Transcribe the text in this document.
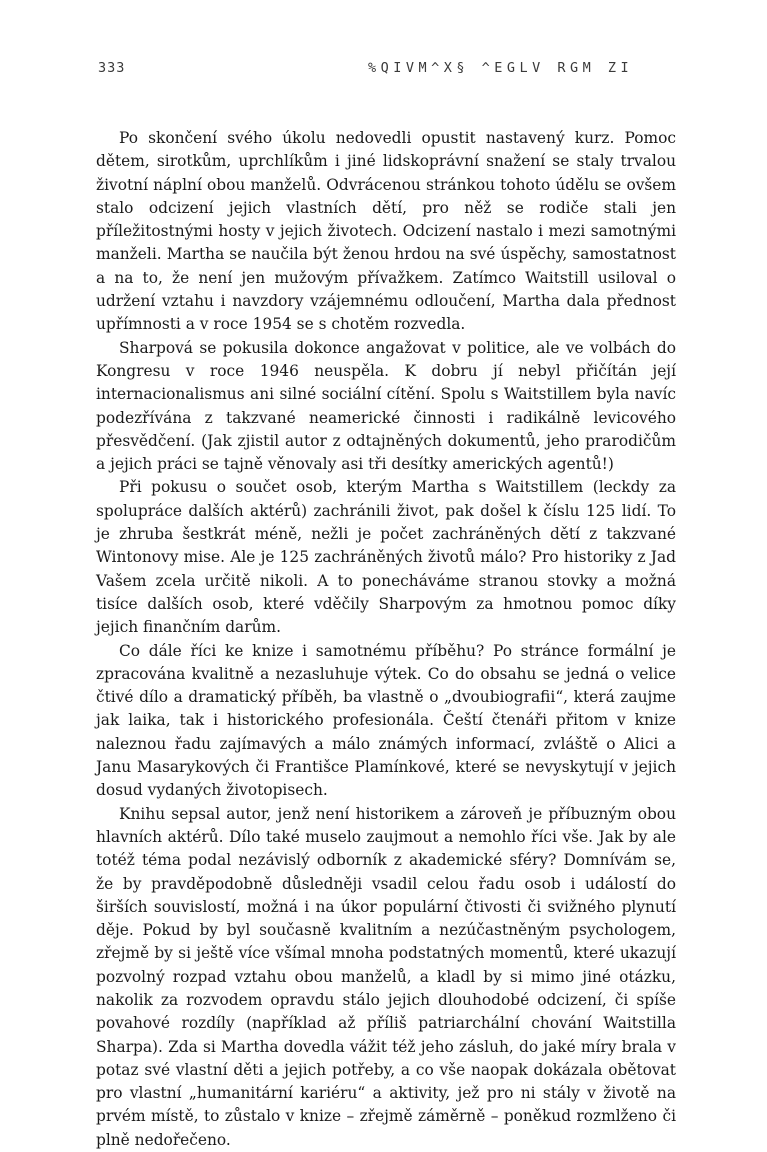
333	%QIVM^X§ ^EGLV RGM ZI

Po skončení svého úkolu nedovedli opustit nastavený kurz. Pomoc dětem, sirotkům, uprchlíkům i jiné lidskoprávní snažení se staly trvalou životní náplní obou manželů. Odvrácenou stránkou tohoto údělu se ovšem stalo odcizení jejich vlastních dětí, pro něž se rodiče stali jen příležitostnými hosty v jejich životech. Odcizení nastalo i mezi samotnými manželi. Martha se naučila být ženou hrdou na své úspěchy, samostatnost a na to, že není jen mužovým přívažkem. Zatímco Waitstill usiloval o udržení vztahu i navzdory vzájemnému odloučení, Martha dala přednost upřímnosti a v roce 1954 se s chotěm rozvedla.

Sharpová se pokusila dokonce angažovat v politice, ale ve volbách do Kongresu v roce 1946 neuspěla. K dobru jí nebyl přičítán její internacionalismus ani silné sociální cítění. Spolu s Waitstillem byla navíc podezřívána z takzvané neamerické činnosti i radikálně levicového přesvědčení. (Jak zjistil autor z odtajněných dokumentů, jeho prarodičům a jejich práci se tajně věnovaly asi tři desítky amerických agentů!)

Při pokusu o součet osob, kterým Martha s Waitstillem (leckdy za spolupráce dalších aktérů) zachránili život, pak došel k číslu 125 lidí. To je zhruba šestkrát méně, nežli je počet zachráněných dětí z takzvané Wintonovy mise. Ale je 125 zachráněných životů málo? Pro historiky z Jad Vašem zcela určitě nikoli. A to ponecháváme stranou stovky a možná tisíce dalších osob, které vděčily Sharpovým za hmotnou pomoc díky jejich finančním darům.

Co dále říci ke knize i samotnému příběhu? Po stránce formální je zpracována kvalitně a nezasluhuje výtek. Co do obsahu se jedná o velice čtivé dílo a dramatický příběh, ba vlastně o „dvoubiografii“, která zaujme jak laika, tak i historického profesionála. Čeští čtenáři přitom v knize naleznou řadu zajímavých a málo známých informací, zvláště o Alici a Janu Masarykových či Františce Plamínkové, které se nevyskytují v jejich dosud vydaných životopisech.

Knihu sepsal autor, jenž není historikem a zároveň je příbuzným obou hlavních aktérů. Dílo také muselo zaujmout a nemohlo říci vše. Jak by ale totéž téma podal nezávislý odborník z akademické sféry? Domnívám se, že by pravděpodobně důsledněji vsadil celou řadu osob i událostí do širších souvislostí, možná i na úkor populární čtivosti či svižného plynutí děje. Pokud by byl současně kvalitním a nezúčastněným psychologem, zřejmě by si ještě více všímal mnoha podstatných momentů, které ukazují pozvolný rozpad vztahu obou manželů, a kladl by si mimo jiné otázku, nakolik za rozvodem opravdu stálo jejich dlouhodobé odcizení, či spíše povahové rozdíly (například až příliš patriarchální chování Waitstilla Sharpa). Zda si Martha dovedla vážit též jeho zásluh, do jaké míry brala v potaz své vlastní děti a jejich potřeby, a co vše naopak dokázala obětovat pro vlastní „humanitární kariéru“ a aktivity, jež pro ni stály v životě na prvém místě, to zůstalo v knize – zřejmě záměrně – poněkud rozmlženo či plně nedořečeno.
